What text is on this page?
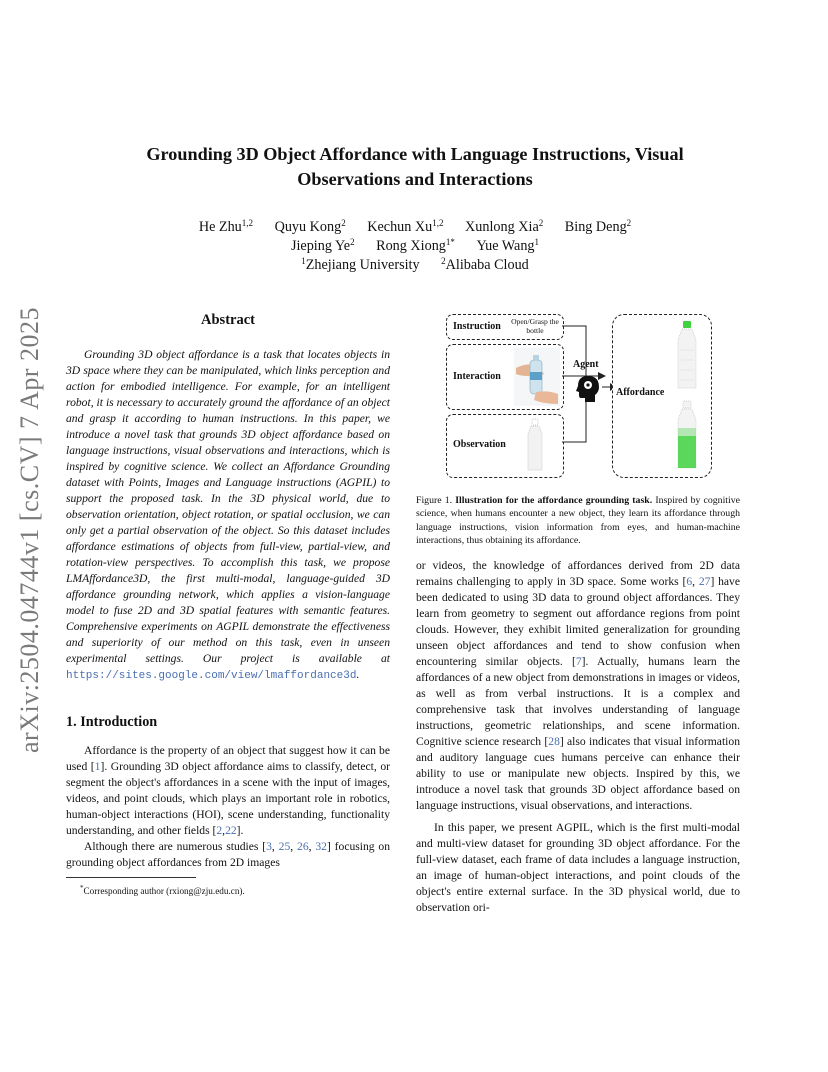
arXiv:2504.04744v1 [cs.CV] 7 Apr 2025
Grounding 3D Object Affordance with Language Instructions, Visual
Observations and Interactions
He Zhu$^{1,2}$ Quyu Kong$^2$ Kechun Xu$^{1,2}$ Xunlong Xia$^2$ Bing Deng$^2$
Jieping Ye$^2$ Rong Xiong$^{1*}$ Yue Wang$^1$
$^1$Zhejiang University $^2$Alibaba Cloud
Abstract

Grounding 3D object affordance is a task that locates objects in 3D space where they can be manipulated, which links perception and action for embodied intelligence. For example, for an intelligent robot, it is necessary to accurately ground the affordance of an object and grasp it according to human instructions. In this paper, we introduce a novel task that grounds 3D object affordance based on language instructions, visual observations and interactions, which is inspired by cognitive science. We collect an Affordance Grounding dataset with Points, Images and Language instructions (AGPIL) to support the proposed task. In the 3D physical world, due to observation orientation, object rotation, or spatial occlusion, we can only get a partial observation of the object. So this dataset includes affordance estimations of objects from full-view, partial-view, and rotation-view perspectives. To accomplish this task, we propose LMAffordance3D, the first multi-modal, language-guided 3D affordance grounding network, which applies a vision-language model to fuse 2D and 3D spatial features with semantic features. Comprehensive experiments on AGPIL demonstrate the effectiveness and superiority of our method on this task, even in unseen experimental settings. Our project is available at https://sites.google.com/view/lmaffordance3d.

1. Introduction

Affordance is the property of an object that suggest how it can be used [1]. Grounding 3D object affordance aims to classify, detect, or segment the object's affordances in a scene with the input of images, videos, and point clouds, which plays an important role in robotics, human-object interactions (HOI), scene understanding, functionality understanding, and other fields [2,22].

Although there are numerous studies [3, 25, 26, 32] focusing on grounding object affordances from 2D images

*Corresponding author (rxiong@zju.edu.cn).
Instruction Open/Grasp the bottle
Interaction
Observation
Agent
Affordance

Figure 1. Illustration for the affordance grounding task. Inspired by cognitive science, when humans encounter a new object, they learn its affordance through language instructions, vision information from eyes, and human-machine interactions, thus obtaining its affordance.

or videos, the knowledge of affordances derived from 2D data remains challenging to apply in 3D space. Some works [6, 27] have been dedicated to using 3D data to ground object affordances. They learn from geometry to segment out affordance regions from point clouds. However, they exhibit limited generalization for grounding unseen object affordances and tend to show confusion when encountering similar objects. [7]. Actually, humans learn the affordances of a new object from demonstrations in images or videos, as well as from verbal instructions. It is a complex and comprehensive task that involves understanding of language instructions, geometric relationships, and scene information. Cognitive science research [28] also indicates that visual information and auditory language cues humans perceive can enhance their ability to use or manipulate new objects. Inspired by this, we introduce a novel task that grounds 3D object affordance based on language instructions, visual observations, and interactions.

In this paper, we present AGPIL, which is the first multi-modal and multi-view dataset for grounding 3D object affordance. For the full-view dataset, each frame of data includes a language instruction, an image of human-object interactions, and point clouds of the object's entire external surface. In the 3D physical world, due to observation ori-
